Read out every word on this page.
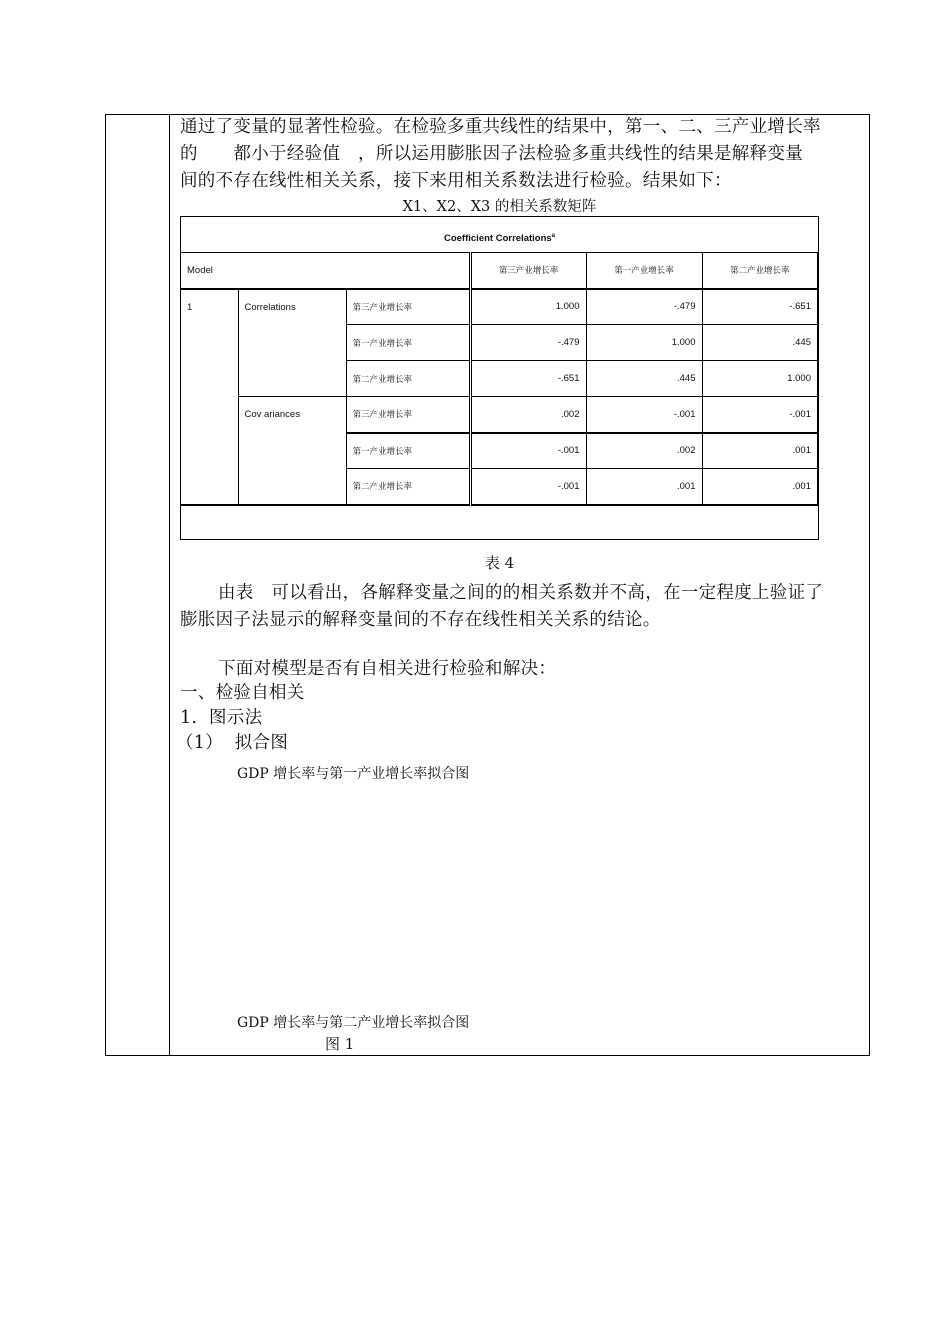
通过了变量的显著性检验。在检验多重共线性的结果中，第一、二、三产业增长率

的　　都小于经验值　，所以运用膨胀因子法检验多重共线性的结果是解释变量

间的不存在线性相关关系，接下来用相关系数法进行检验。结果如下：

X1、X2、X3 的相关系数矩阵
Coefficient Correlations$^a$
Model			第三产业增长率	第一产业增长率	第二产业增长率
1	Correlations	第三产业增长率	1.000	-.479	-.651
		第一产业增长率	-.479	1.000	.445
		第二产业增长率	-.651	.445	1.000
	Cov ariances	第三产业增长率	.002	-.001	-.001
		第一产业增长率	-.001	.002	.001
		第二产业增长率	-.001	.001	.001
表 4

由表　可以看出，各解释变量之间的的相关系数并不高，在一定程度上验证了

膨胀因子法显示的解释变量间的不存在线性相关关系的结论。

下面对模型是否有自相关进行检验和解决：

一、检验自相关

1.  图示法

（1）  拟合图

GDP 增长率与第一产业增长率拟合图
GDP 增长率与第二产业增长率拟合图
图 1
